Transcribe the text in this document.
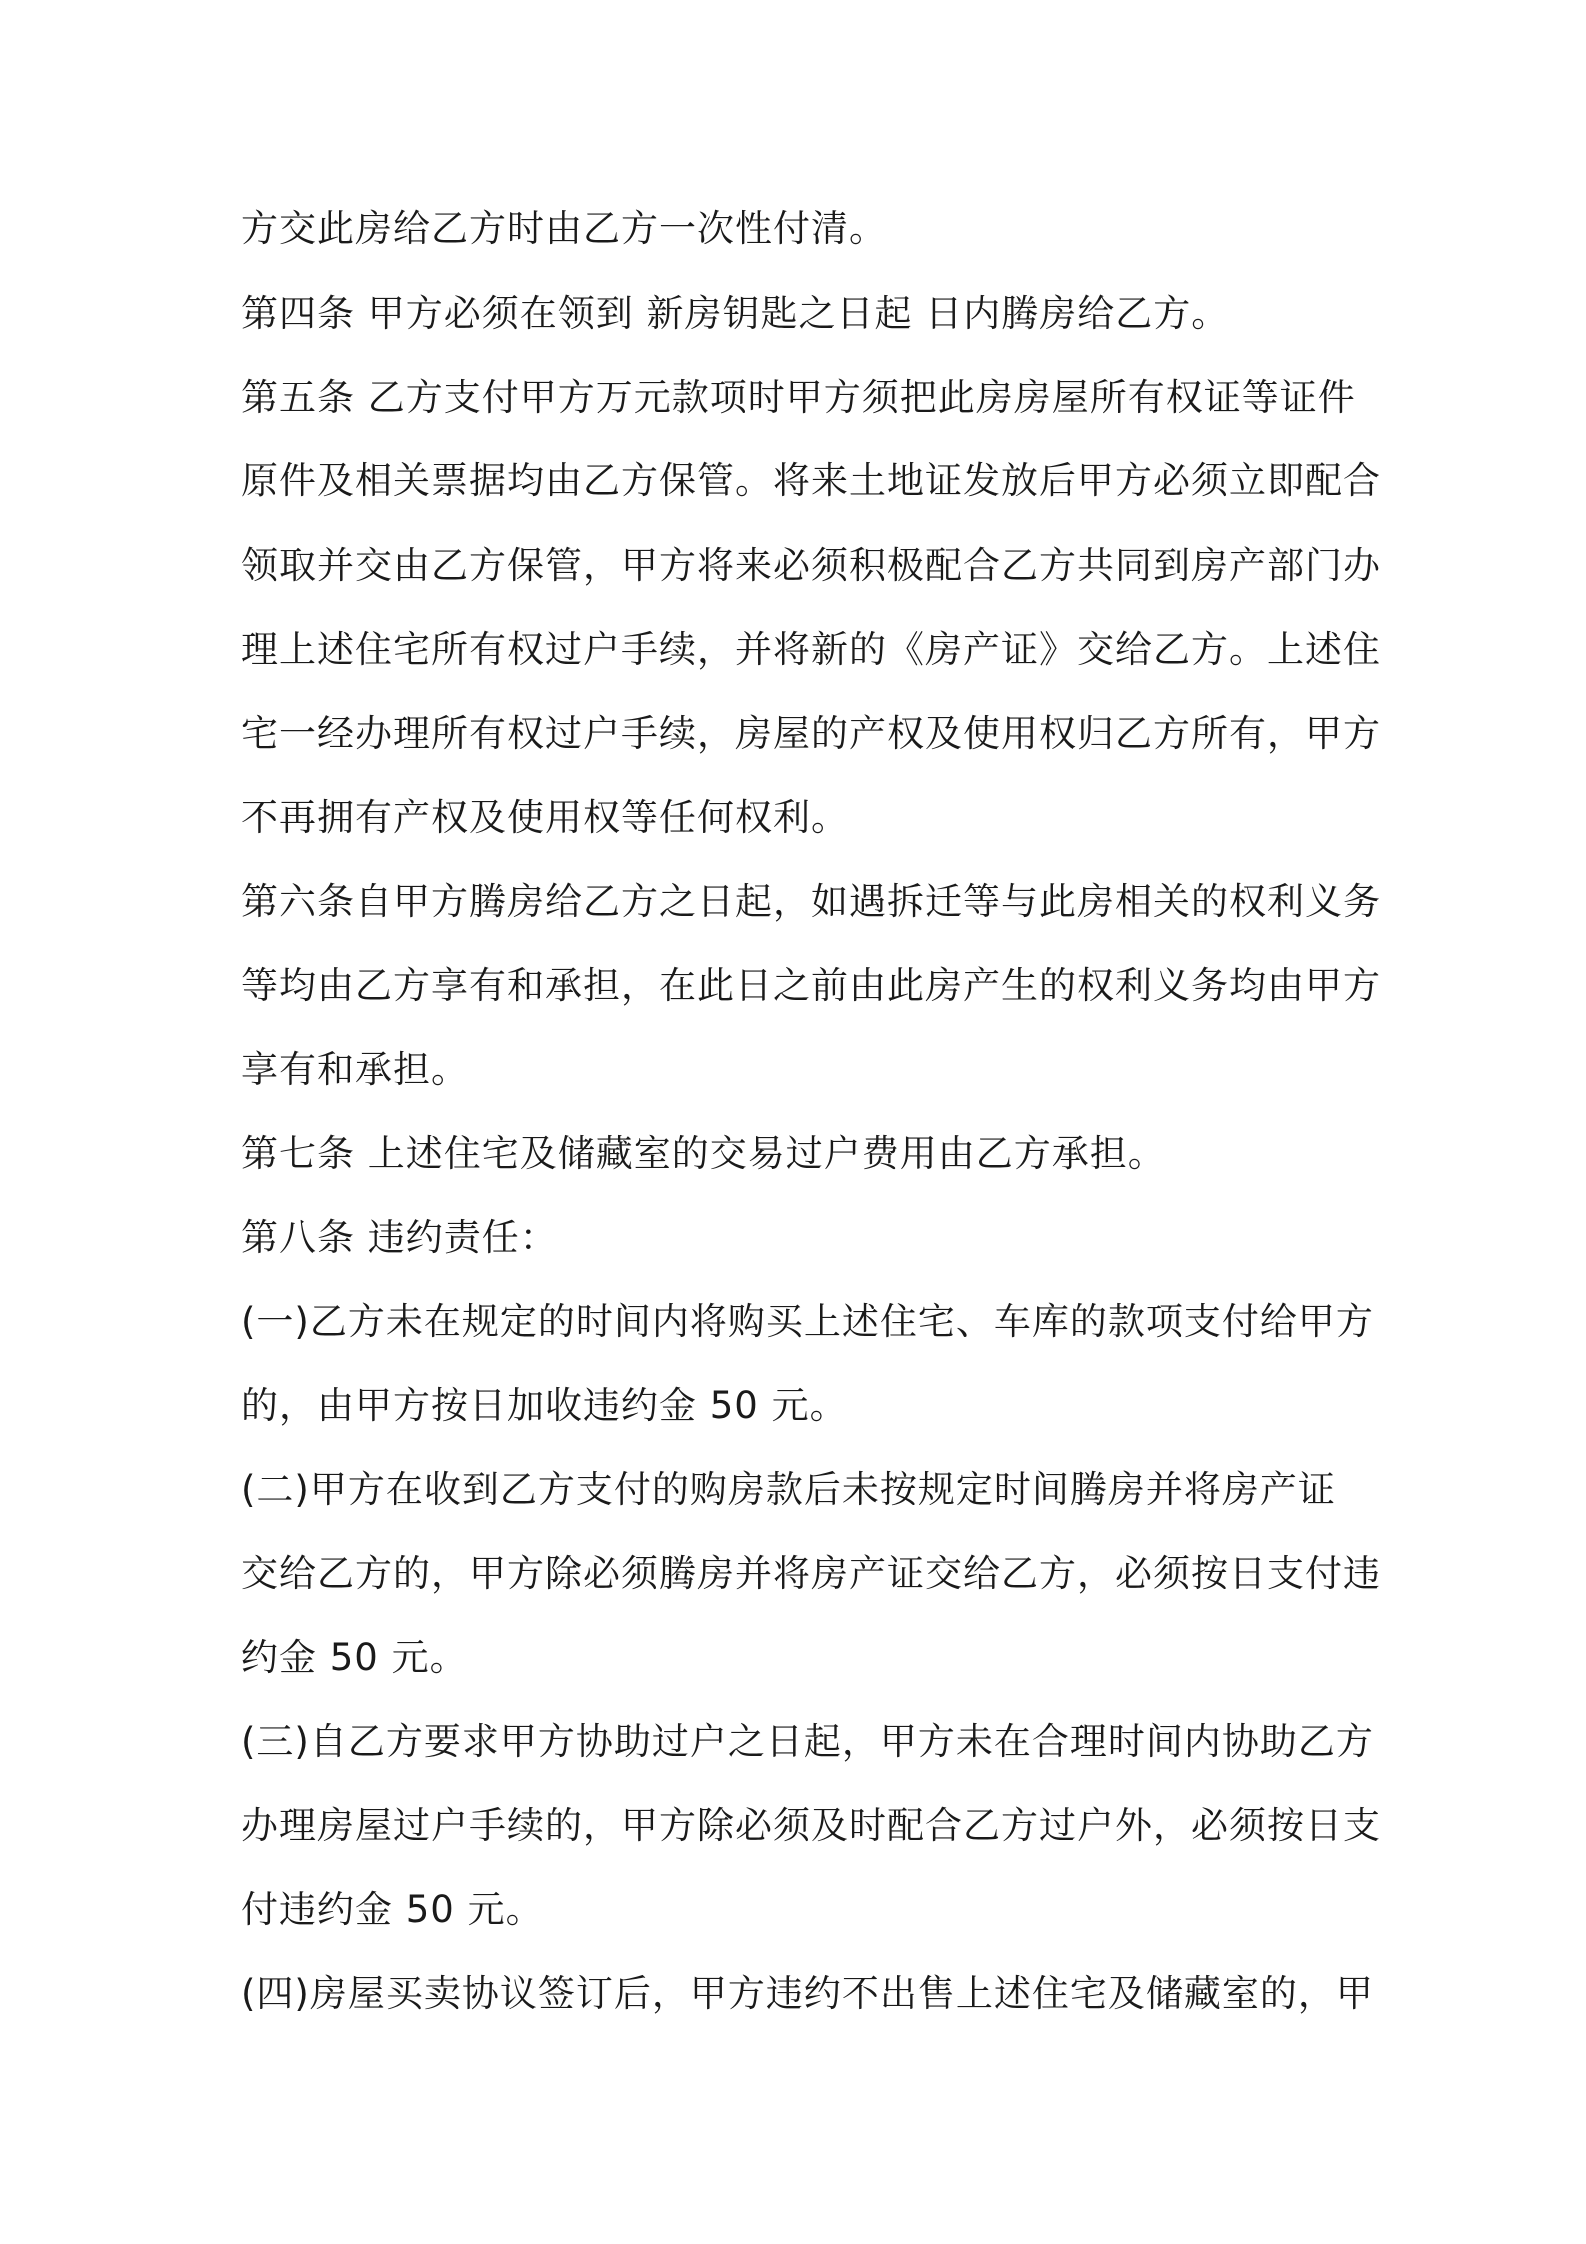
方交此房给乙方时由乙方一次性付清。
第四条 甲方必须在领到 新房钥匙之日起 日内腾房给乙方。
第五条 乙方支付甲方万元款项时甲方须把此房房屋所有权证等证件
原件及相关票据均由乙方保管。将来土地证发放后甲方必须立即配合
领取并交由乙方保管，甲方将来必须积极配合乙方共同到房产部门办
理上述住宅所有权过户手续，并将新的《房产证》交给乙方。上述住
宅一经办理所有权过户手续，房屋的产权及使用权归乙方所有，甲方
不再拥有产权及使用权等任何权利。
第六条自甲方腾房给乙方之日起，如遇拆迁等与此房相关的权利义务
等均由乙方享有和承担，在此日之前由此房产生的权利义务均由甲方
享有和承担。
第七条 上述住宅及储藏室的交易过户费用由乙方承担。
第八条 违约责任：
(一)乙方未在规定的时间内将购买上述住宅、车库的款项支付给甲方
的，由甲方按日加收违约金 50 元。
(二)甲方在收到乙方支付的购房款后未按规定时间腾房并将房产证
交给乙方的，甲方除必须腾房并将房产证交给乙方，必须按日支付违
约金 50 元。
(三)自乙方要求甲方协助过户之日起，甲方未在合理时间内协助乙方
办理房屋过户手续的，甲方除必须及时配合乙方过户外，必须按日支
付违约金 50 元。
(四)房屋买卖协议签订后，甲方违约不出售上述住宅及储藏室的，甲
